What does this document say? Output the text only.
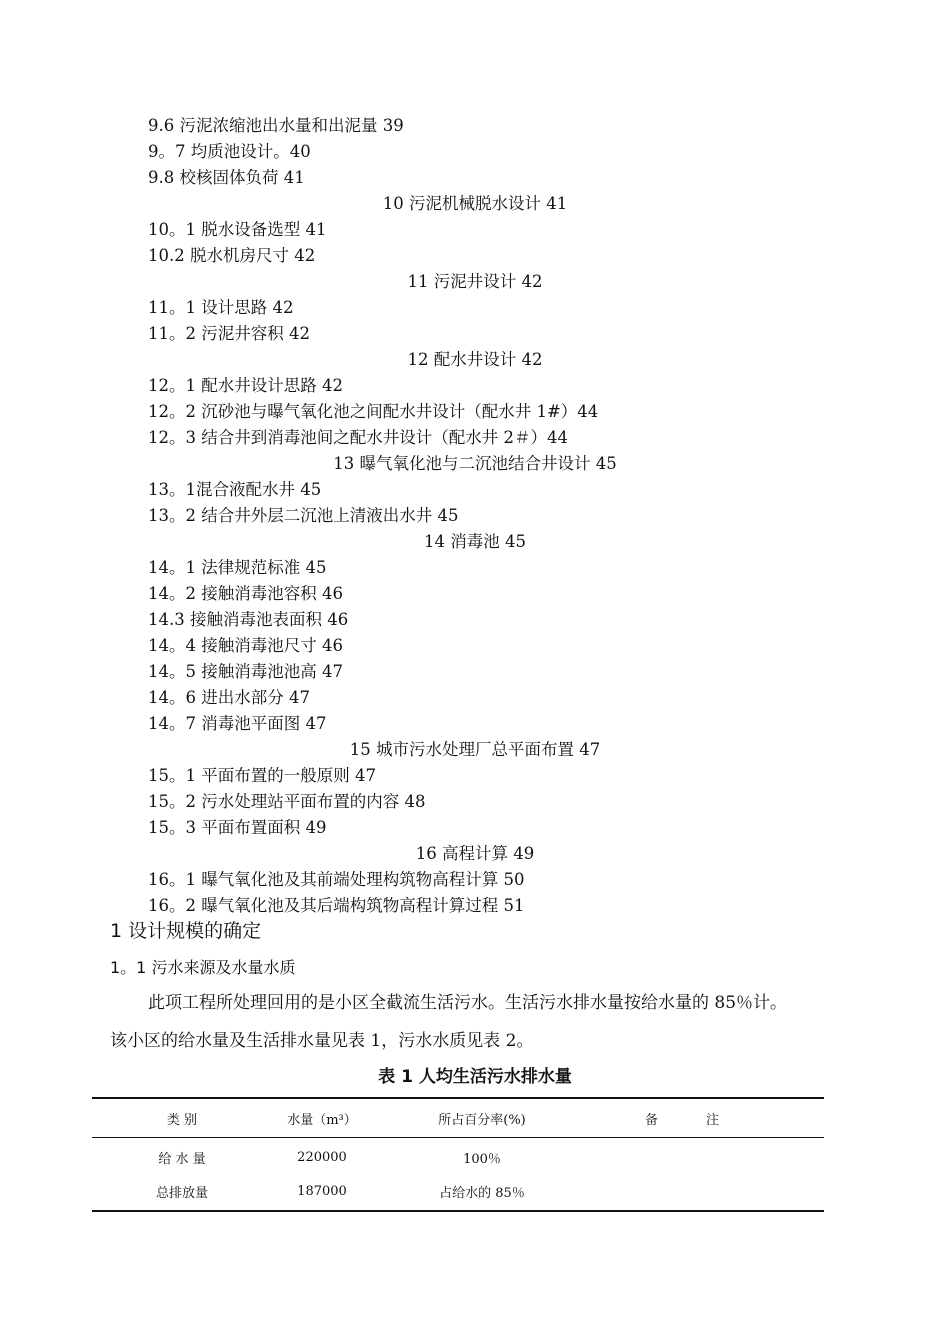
9.6 污泥浓缩池出水量和出泥量 39
9。7 均质池设计。40
9.8 校核固体负荷 41
10 污泥机械脱水设计 41
10。1 脱水设备选型 41
10.2 脱水机房尺寸 42
11 污泥井设计 42
11。1 设计思路 42
11。2 污泥井容积 42
12 配水井设计 42
12。1 配水井设计思路 42
12。2 沉砂池与曝气氧化池之间配水井设计（配水井 1#）44
12。3 结合井到消毒池间之配水井设计（配水井 2＃）44
13 曝气氧化池与二沉池结合井设计 45
13。1混合液配水井 45
13。2 结合井外层二沉池上清液出水井 45
14 消毒池 45
14。1 法律规范标准 45
14。2 接触消毒池容积 46
14.3 接触消毒池表面积 46
14。4 接触消毒池尺寸 46
14。5 接触消毒池池高 47
14。6 进出水部分 47
14。7 消毒池平面图 47
15 城市污水处理厂总平面布置 47
15。1 平面布置的一般原则 47
15。2 污水处理站平面布置的内容 48
15。3 平面布置面积 49
16 高程计算 49
16。1 曝气氧化池及其前端处理构筑物高程计算 50
16。2 曝气氧化池及其后端构筑物高程计算过程 51
1 设计规模的确定
1。1 污水来源及水量水质
此项工程所处理回用的是小区全截流生活污水。生活污水排水量按给水量的 85％计。
该小区的给水量及生活排水量见表 1，污水水质见表 2。
表 1 人均生活污水排水量
类 别	水量（m³）	所占百分率(%)	备	注
给 水 量	220000	100％
总排放量	187000	占给水的 85％
